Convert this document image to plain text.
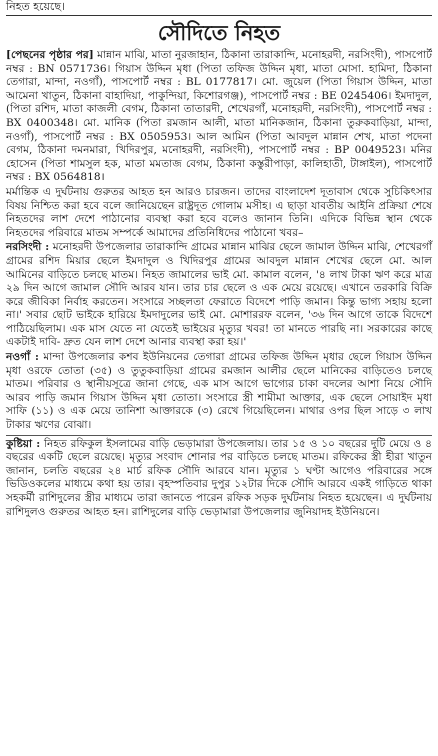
নিহত হয়েছে।
সৌদিতে নিহত

[পেছনের পৃষ্ঠার পর] মান্নান মাঝি, মাতা নুরজাহান, ঠিকানা তারাকান্দি, মনোহরদী, নরসিংদী), পাসপোর্ট নম্বর : BN 0571736। গিয়াস উদ্দিন মৃধা (পিতা তফিজ উদ্দিন মৃধা, মাতা মোসা. হামিদা, ঠিকানা তেগারা, মান্দা, নওগাঁ), পাসপোর্ট নম্বর : BL 0177817। মো. জুয়েল (পিতা গিয়াস উদ্দিন, মাতা আমেনা খাতুন, ঠিকানা বাহাদিয়া, পাকুন্দিয়া, কিশোরগঞ্জ), পাসপোর্ট নম্বর : BE 0245406। ইমদাদুল, (পিতা রশিদ, মাতা কাজলী বেগম, ঠিকানা তাতারদী, শেখেরগাঁ, মনোহরদী, নরসিংদী), পাসপোর্ট নম্বর : BX 0400348। মো. মানিক (পিতা রমজান আলী, মাতা মানিকজান, ঠিকানা তুরুকবাড়িয়া, মান্দা, নওগাঁ), পাসপোর্ট নম্বর : BX 0505953। আল আমিন (পিতা আবদুল মান্নান শেখ, মাতা পদেনা বেগম, ঠিকানা দমনমারা, খিদিরপুর, মনোহরদী, নরসিংদী), পাসপোর্ট নম্বর : BP 0049523। মনির হোসেন (পিতা শামসুল হক, মাতা মমতাজ বেগম, ঠিকানা কস্তুরীপাড়া, কালিহাতী, টাঙ্গাইল), পাসপোর্ট নম্বর : BX 0564818।

মর্মান্তিক এ দুর্ঘটনায় গুরুতর আহত হন আরও চারজন। তাদের বাংলাদেশ দূতাবাস থেকে সুচিকিৎসার বিষয় নিশ্চিত করা হবে বলে জানিয়েছেন রাষ্ট্রদূত গোলাম মসীহ। এ ছাড়া যাবতীয় আইনি প্রক্রিয়া শেষে নিহতদের লাশ দেশে পাঠানোর ব্যবস্থা করা হবে বলেও জানান তিনি। এদিকে বিভিন্ন স্থান থেকে নিহতদের পরিবারে মাতম সম্পর্কে আমাদের প্রতিনিধিদের পাঠানো খবর–

নরসিংদী : মনোহরদী উপজেলার তারাকান্দি গ্রামের মান্নান মাঝির ছেলে জামাল উদ্দিন মাঝি, শেখেরগাঁ গ্রামের রশিদ মিয়ার ছেলে ইমদাদুল ও খিদিরপুর গ্রামের আবদুল মান্নান শেখের ছেলে মো. আল আমিনের বাড়িতে চলছে মাতম। নিহত জামালের ভাই মো. কামাল বলেন, '৪ লাখ টাকা ঋণ করে মাত্র ২৯ দিন আগে জামাল সৌদি আরব যান। তার চার ছেলে ও এক মেয়ে রয়েছে। এখানে তরকারি বিক্রি করে জীবিকা নির্বাহ করতেন। সংসারে সচ্ছলতা ফেরাতে বিদেশে পাড়ি জমান। কিন্তু ভাগ্য সহায় হলো না।' সবার ছোট ভাইকে হারিয়ে ইমদাদুলের ভাই মো. মোশাররফ বলেন, '৩৬ দিন আগে তাকে বিদেশে পাঠিয়েছিলাম। এক মাস যেতে না যেতেই ভাইয়ের মৃত্যুর খবর! তা মানতে পারছি না। সরকারের কাছে একটাই দাবি- দ্রুত যেন লাশ দেশে আনার ব্যবস্থা করা হয়।'

নওগাঁ : মান্দা উপজেলার কশব ইউনিয়নের তেগারা গ্রামের তফিজ উদ্দিন মৃধার ছেলে গিয়াস উদ্দিন মৃধা ওরফে তোতা (৩৫) ও তুতুকবাড়িয়া গ্রামের রমজান আলীর ছেলে মানিকের বাড়িতেও চলছে মাতম। পরিবার ও স্থানীয়সূত্রে জানা গেছে, এক মাস আগে ভাগ্যের চাকা বদলের আশা নিয়ে সৌদি আরব পাড়ি জমান গিয়াস উদ্দিন মৃধা তোতা। সংসারে স্ত্রী শামীমা আক্তার, এক ছেলে সোয়াইদ মৃধা সাফি (১১) ও এক মেয়ে তানিশা আক্তারকে (৩) রেখে গিয়েছিলেন। মাথার ওপর ছিল সাড়ে ৩ লাখ টাকার ঋণের বোঝা।

কুষ্টিয়া : নিহত রফিকুল ইসলামের বাড়ি ভেড়ামারা উপজেলায়। তার ১৫ ও ১০ বছরের দুটি মেয়ে ও ৪ বছরের একটি ছেলে রয়েছে। মৃত্যুর সংবাদ শোনার পর বাড়িতে চলছে মাতম। রফিকের স্ত্রী হীরা খাতুন জানান, চলতি বছরের ২৪ মার্চ রফিক সৌদি আরবে যান। মৃত্যুর ১ ঘণ্টা আগেও পরিবারের সঙ্গে ভিডিওকলের মাধ্যমে কথা হয় তার। বৃহস্পতিবার দুপুর ১২টার দিকে সৌদি আরবে একই গাড়িতে থাকা সহকর্মী রাশিদুলের স্ত্রীর মাধ্যমে তারা জানতে পারেন রফিক সড়ক দুর্ঘটনায় নিহত হয়েছেন। এ দুর্ঘটনায় রাশিদুলও গুরুতর আহত হন। রাশিদুলের বাড়ি ভেড়ামারা উপজেলার জুনিয়াদহ ইউনিয়নে।
